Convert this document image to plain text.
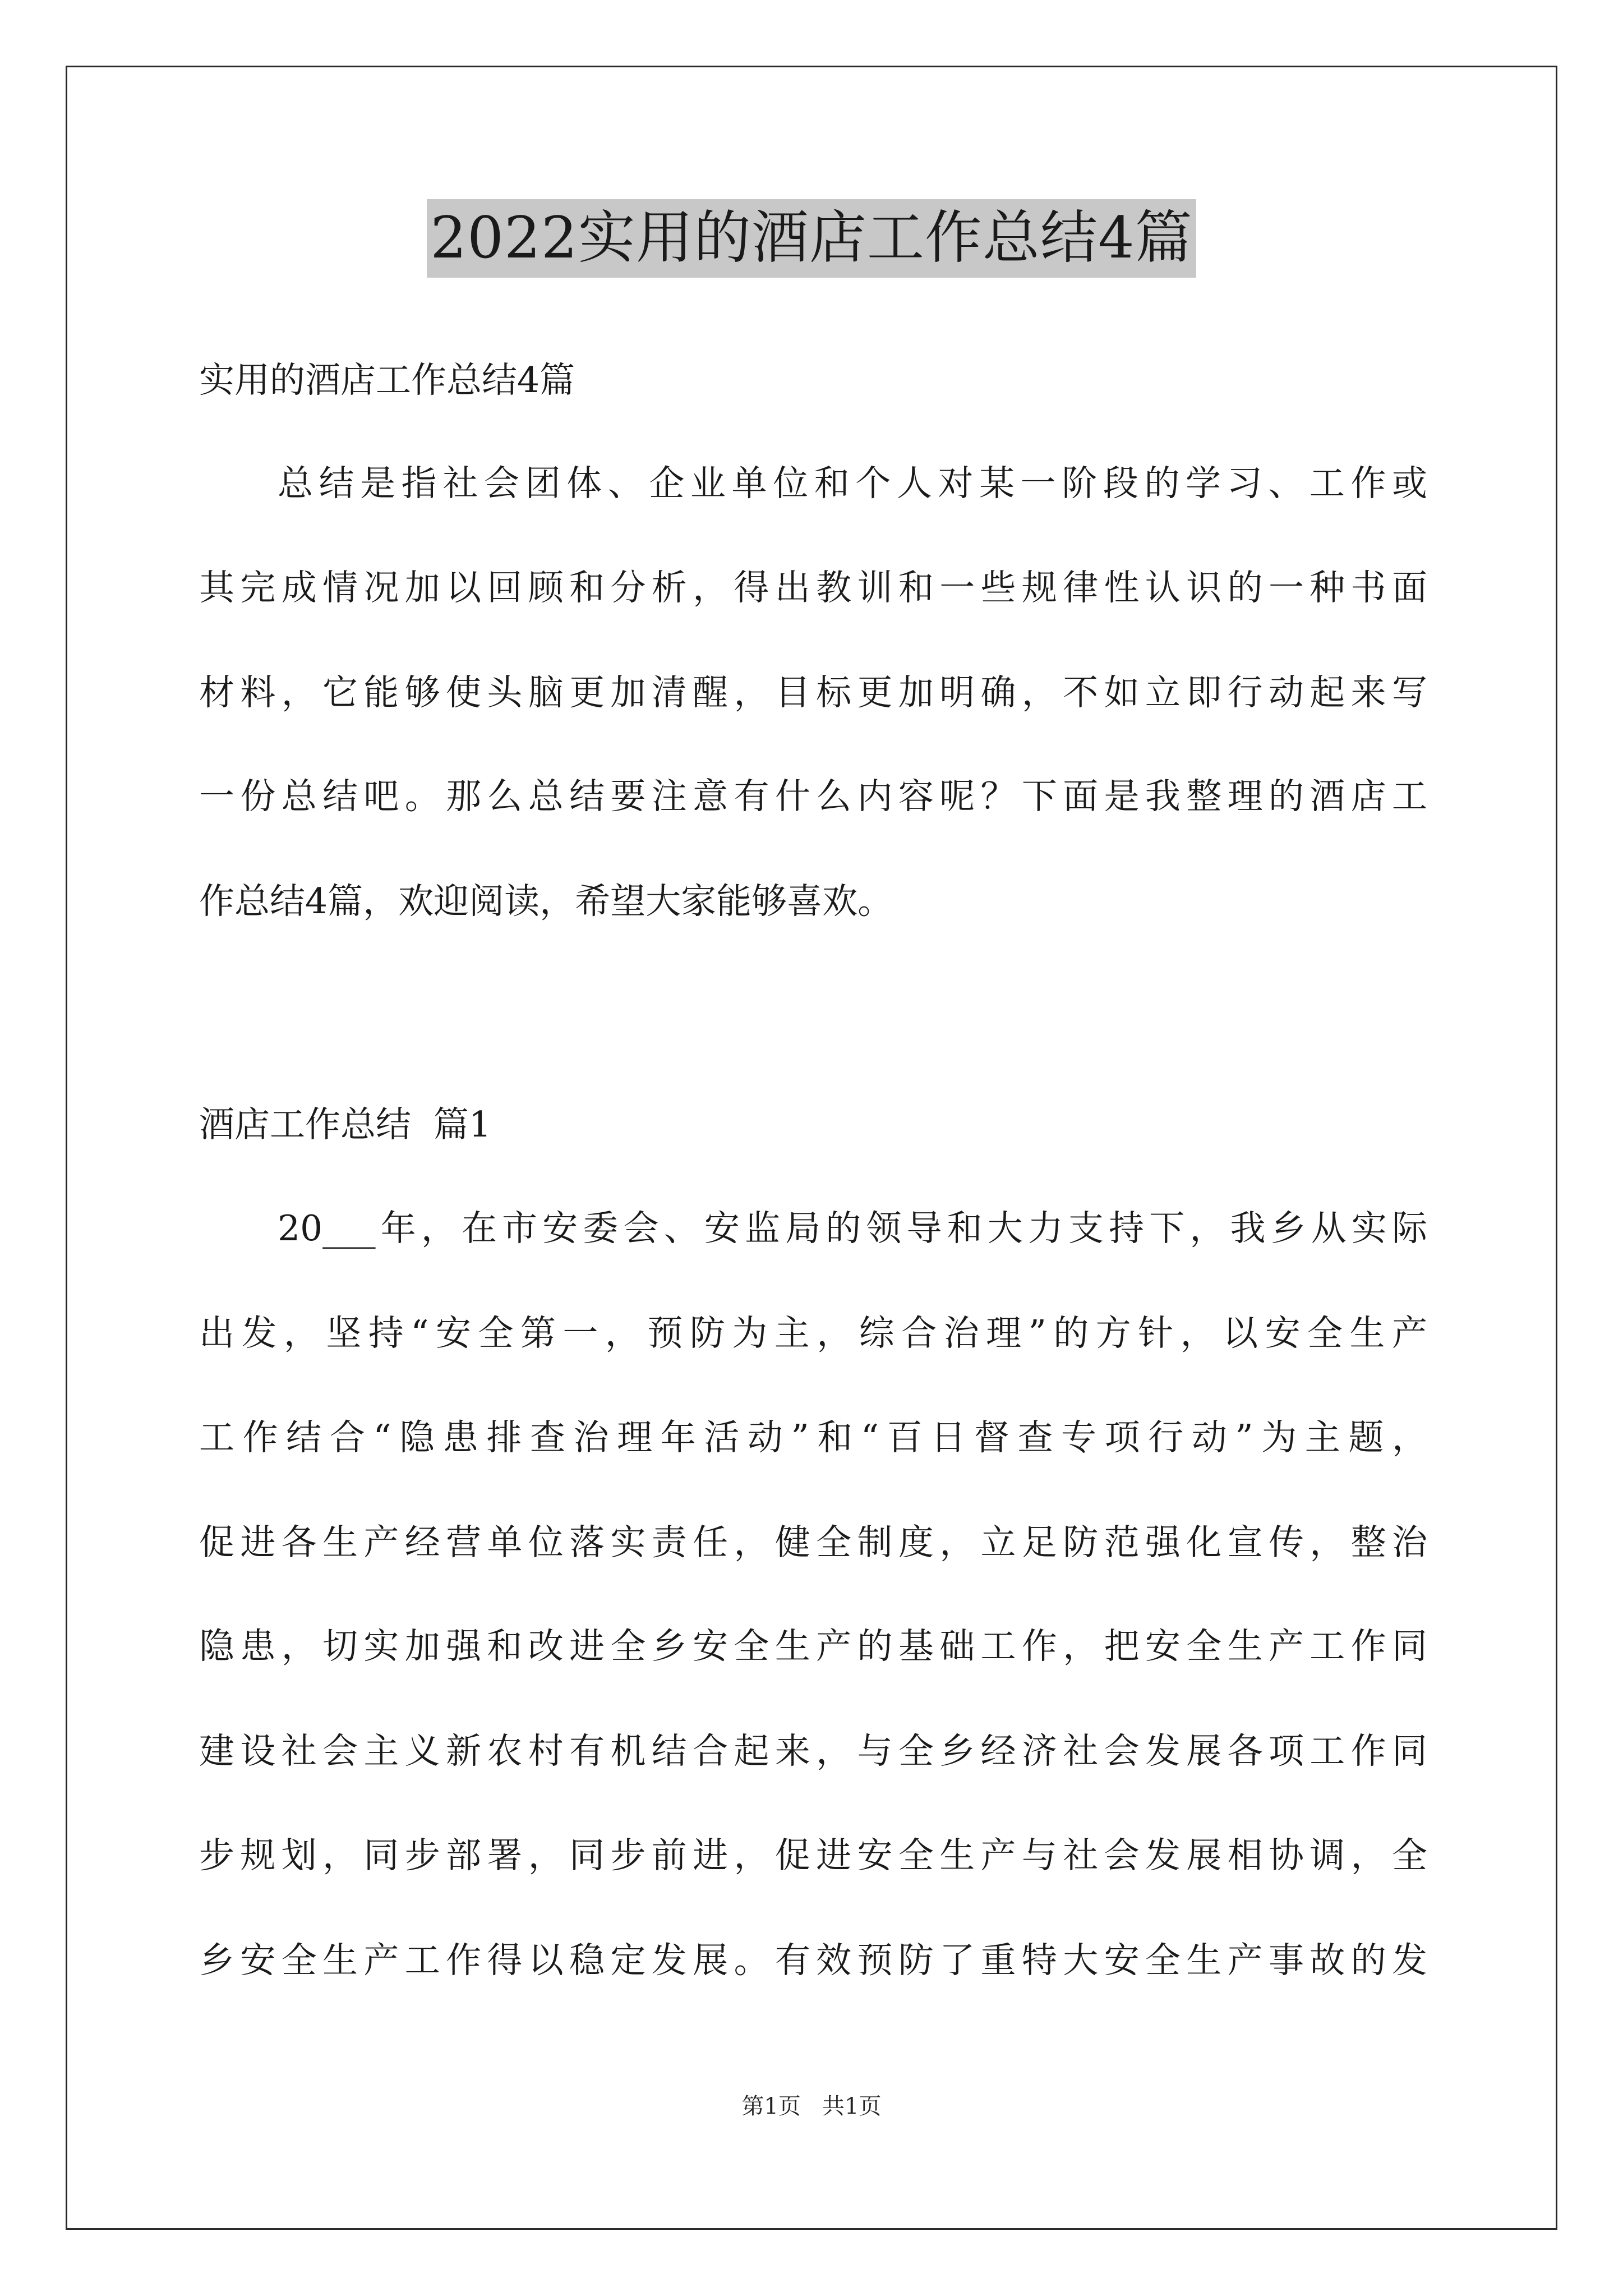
2022实用的酒店工作总结4篇
实用的酒店工作总结4篇
总结是指社会团体、企业单位和个人对某一阶段的学习、工作或
其完成情况加以回顾和分析，得出教训和一些规律性认识的一种书面
材料，它能够使头脑更加清醒，目标更加明确，不如立即行动起来写
一份总结吧。那么总结要注意有什么内容呢？下面是我整理的酒店工
作总结4篇，欢迎阅读，希望大家能够喜欢。
酒店工作总结  篇1
20___年，在市安委会、安监局的领导和大力支持下，我乡从实际
出发，坚持“安全第一，预防为主，综合治理”的方针，以安全生产
工作结合“隐患排查治理年活动”和“百日督查专项行动”为主题，
促进各生产经营单位落实责任，健全制度，立足防范强化宣传，整治
隐患，切实加强和改进全乡安全生产的基础工作，把安全生产工作同
建设社会主义新农村有机结合起来，与全乡经济社会发展各项工作同
步规划，同步部署，同步前进，促进安全生产与社会发展相协调，全
乡安全生产工作得以稳定发展。有效预防了重特大安全生产事故的发
第1页   共1页
